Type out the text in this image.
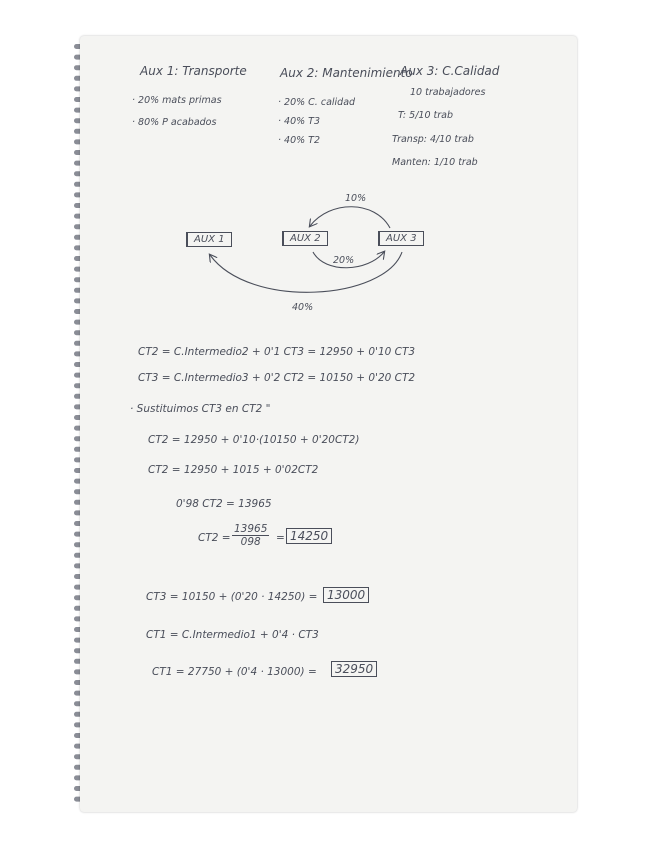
Aux 1: Transporte
· 20% mats primas
· 80% P acabados
Aux 2: Mantenimiento
· 20% C. calidad
· 40% T3
· 40% T2
Aux 3: C.Calidad
10 trabajadores
T: 5/10 trab
Transp: 4/10 trab
Manten: 1/10 trab
AUX 1	AUX 2	AUX 3
10%
20%
40%
CT2 = C.Intermedio2 + 0'1 CT3 = 12950 + 0'10 CT3
CT3 = C.Intermedio3 + 0'2 CT2 = 10150 + 0'20 CT2
· Sustituimos CT3 en CT2 "
CT2 = 12950 + 0'10·(10150 + 0'20CT2)
CT2 = 12950 + 1015 + 0'02CT2
0'98 CT2 = 13965
$CT2 = \frac{13965}{098} = 14250$
CT3 = 10150 + (0'20 · 14250) = 13000
CT1 = C.Intermedio1 + 0'4 · CT3
CT1 = 27750 + (0'4 · 13000) =	32950
